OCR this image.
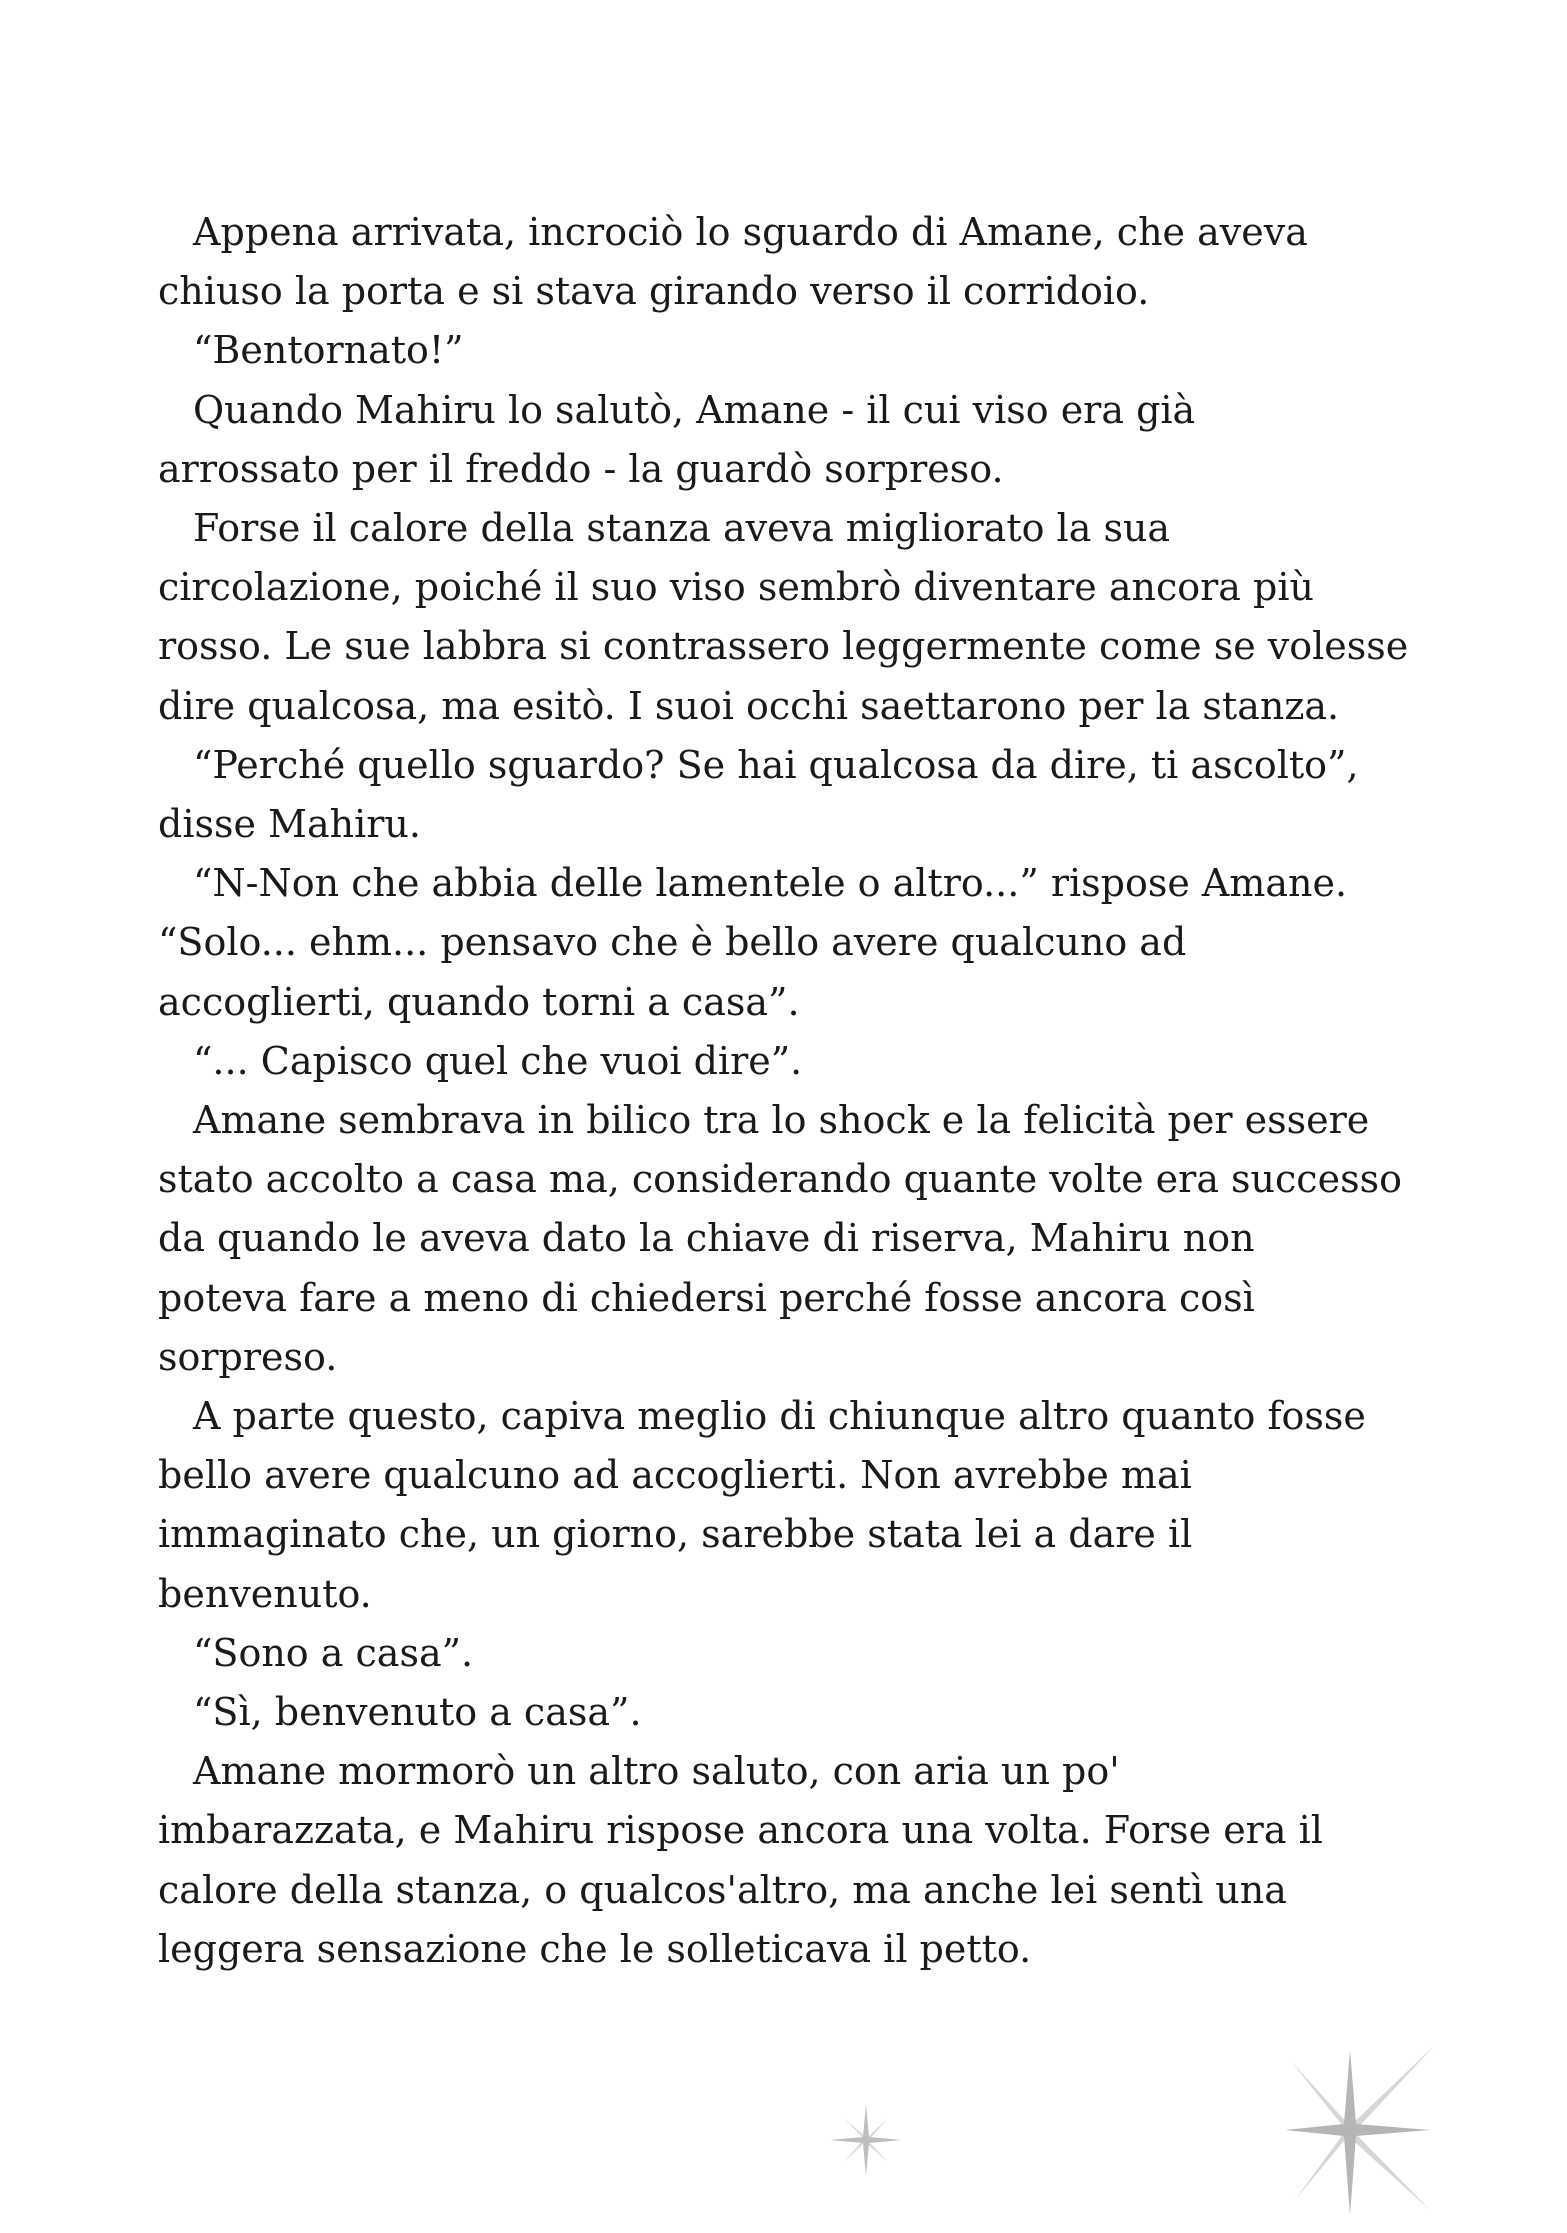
Appena arrivata, incrociò lo sguardo di Amane, che aveva
chiuso la porta e si stava girando verso il corridoio.
“Bentornato!”
Quando Mahiru lo salutò, Amane - il cui viso era già
arrossato per il freddo - la guardò sorpreso.
Forse il calore della stanza aveva migliorato la sua
circolazione, poiché il suo viso sembrò diventare ancora più
rosso. Le sue labbra si contrassero leggermente come se volesse
dire qualcosa, ma esitò. I suoi occhi saettarono per la stanza.
“Perché quello sguardo? Se hai qualcosa da dire, ti ascolto”,
disse Mahiru.
“N-Non che abbia delle lamentele o altro...” rispose Amane.
“Solo... ehm... pensavo che è bello avere qualcuno ad
accoglierti, quando torni a casa”.
“... Capisco quel che vuoi dire”.
Amane sembrava in bilico tra lo shock e la felicità per essere
stato accolto a casa ma, considerando quante volte era successo
da quando le aveva dato la chiave di riserva, Mahiru non
poteva fare a meno di chiedersi perché fosse ancora così
sorpreso.
A parte questo, capiva meglio di chiunque altro quanto fosse
bello avere qualcuno ad accoglierti. Non avrebbe mai
immaginato che, un giorno, sarebbe stata lei a dare il
benvenuto.
“Sono a casa”.
“Sì, benvenuto a casa”.
Amane mormorò un altro saluto, con aria un po'
imbarazzata, e Mahiru rispose ancora una volta. Forse era il
calore della stanza, o qualcos'altro, ma anche lei sentì una
leggera sensazione che le solleticava il petto.
